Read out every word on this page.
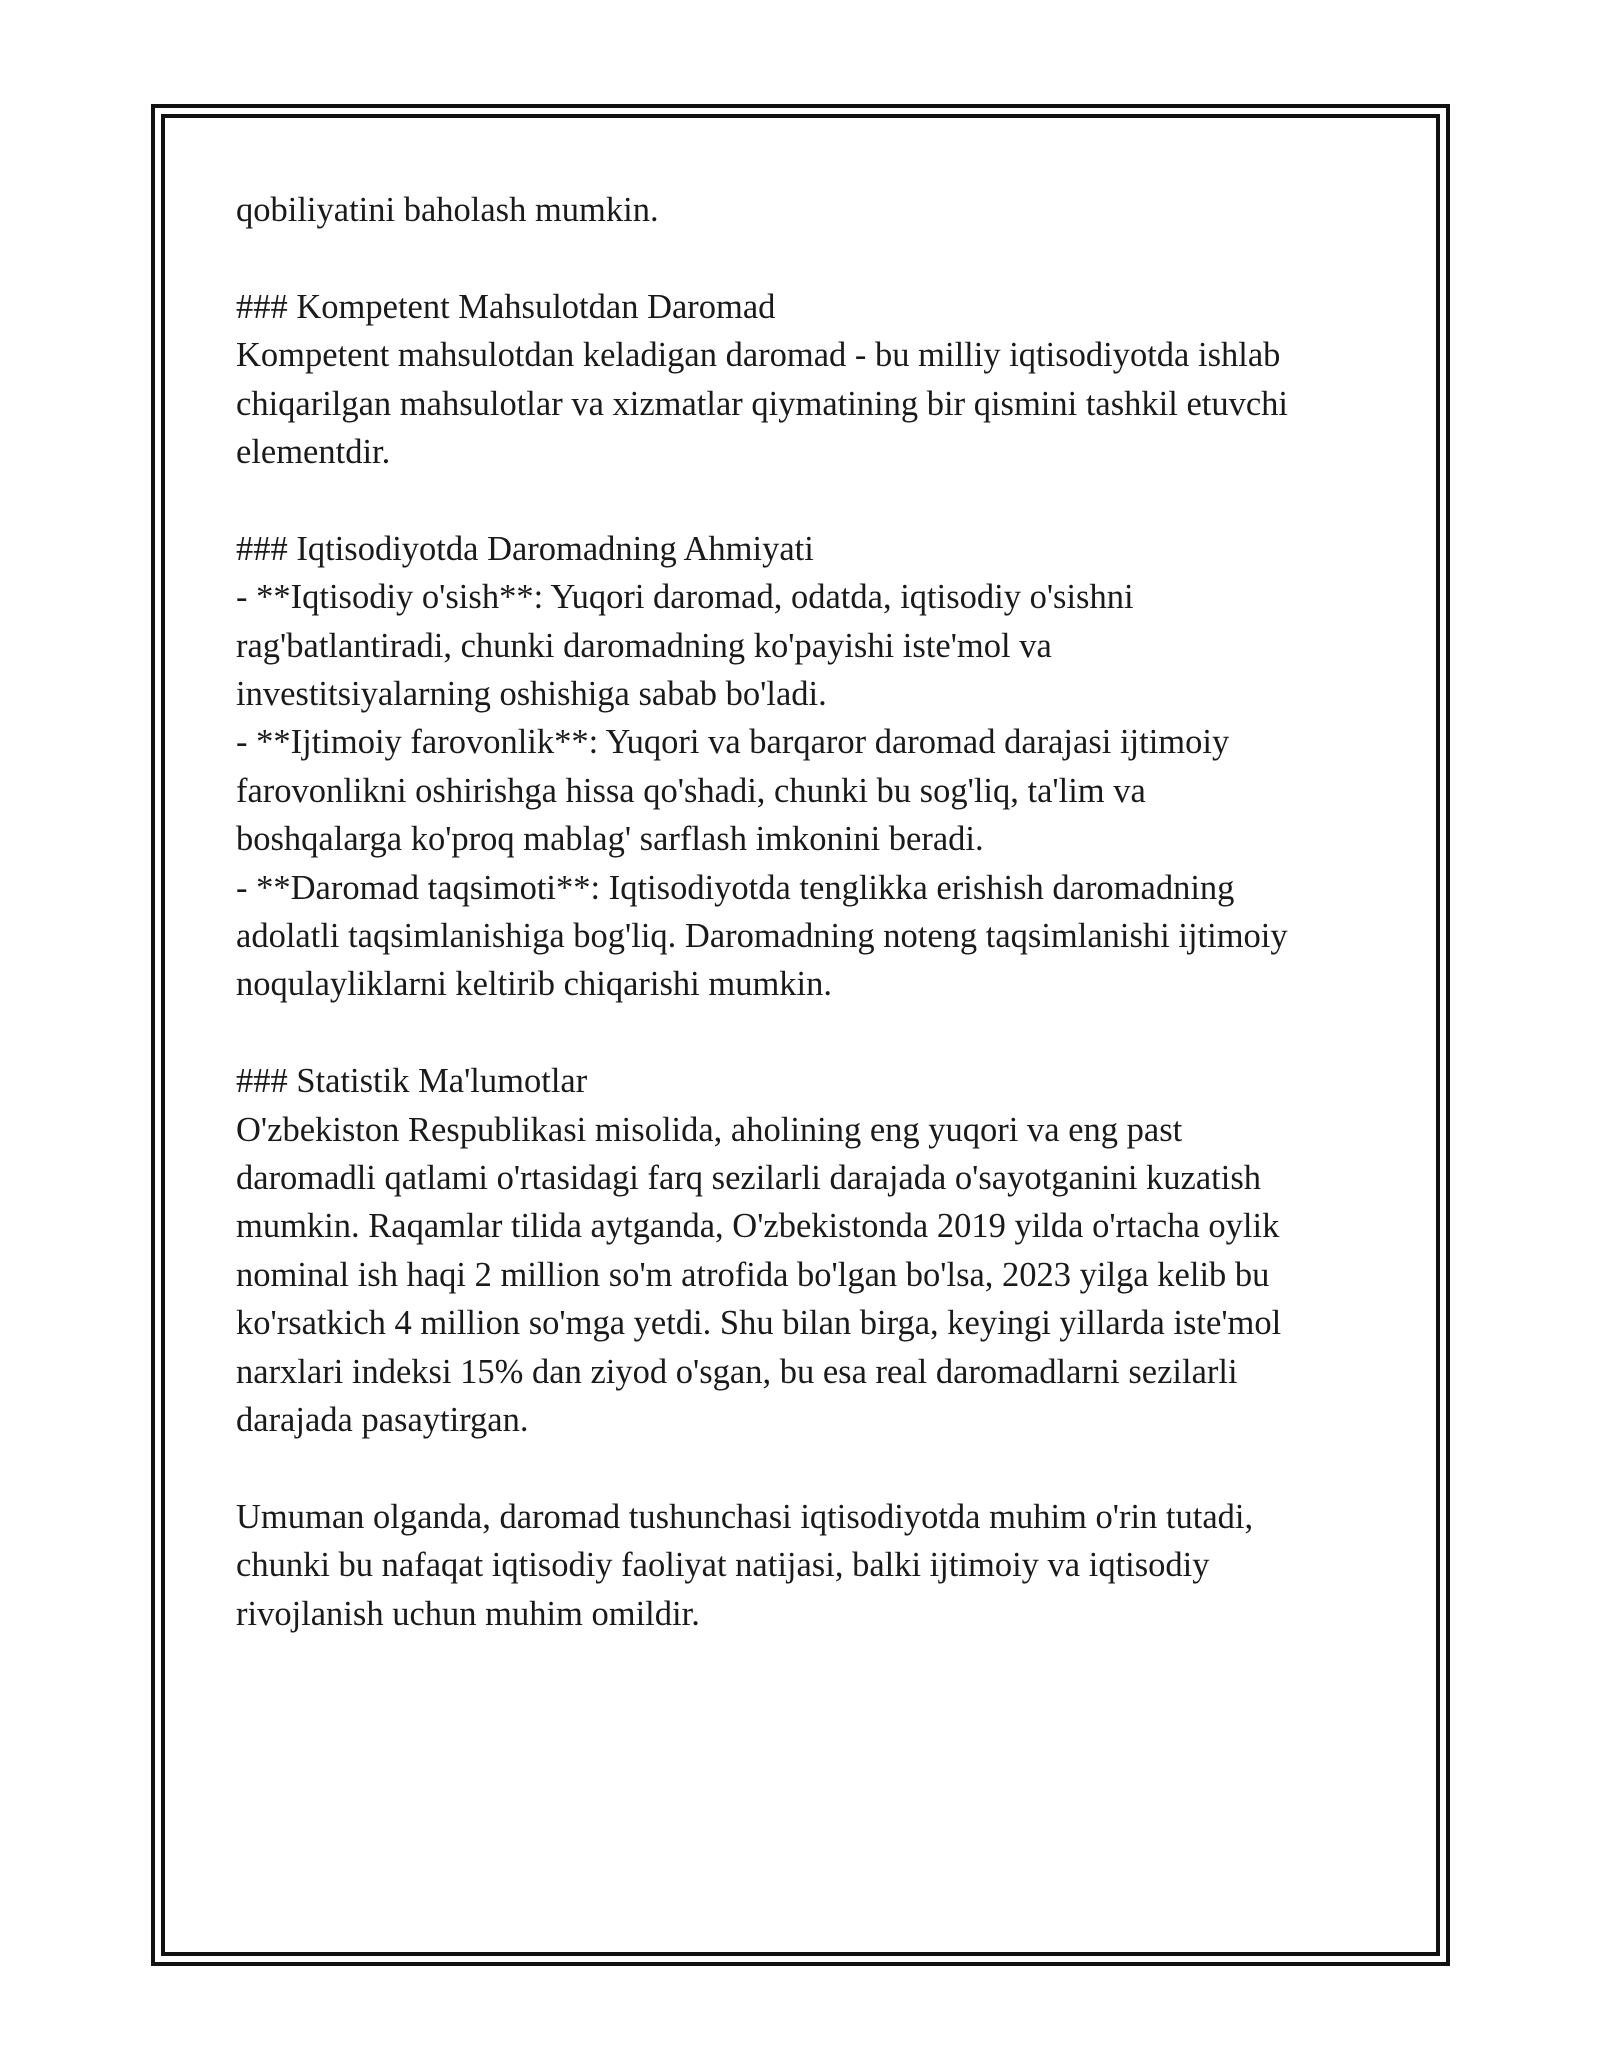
qobiliyatini baholash mumkin.

### Kompetent Mahsulotdan Daromad

Kompetent mahsulotdan keladigan daromad - bu milliy iqtisodiyotda ishlab

chiqarilgan mahsulotlar va xizmatlar qiymatining bir qismini tashkil etuvchi

elementdir.

### Iqtisodiyotda Daromadning Ahmiyati

- **Iqtisodiy o'sish**: Yuqori daromad, odatda, iqtisodiy o'sishni

rag'batlantiradi, chunki daromadning ko'payishi iste'mol va

investitsiyalarning oshishiga sabab bo'ladi.

- **Ijtimoiy farovonlik**: Yuqori va barqaror daromad darajasi ijtimoiy

farovonlikni oshirishga hissa qo'shadi, chunki bu sog'liq, ta'lim va

boshqalarga ko'proq mablag' sarflash imkonini beradi.

- **Daromad taqsimoti**: Iqtisodiyotda tenglikka erishish daromadning

adolatli taqsimlanishiga bog'liq. Daromadning noteng taqsimlanishi ijtimoiy

noqulayliklarni keltirib chiqarishi mumkin.

### Statistik Ma'lumotlar

O'zbekiston Respublikasi misolida, aholining eng yuqori va eng past

daromadli qatlami o'rtasidagi farq sezilarli darajada o'sayotganini kuzatish

mumkin. Raqamlar tilida aytganda, O'zbekistonda 2019 yilda o'rtacha oylik

nominal ish haqi 2 million so'm atrofida bo'lgan bo'lsa, 2023 yilga kelib bu

ko'rsatkich 4 million so'mga yetdi. Shu bilan birga, keyingi yillarda iste'mol

narxlari indeksi 15% dan ziyod o'sgan, bu esa real daromadlarni sezilarli

darajada pasaytirgan.

Umuman olganda, daromad tushunchasi iqtisodiyotda muhim o'rin tutadi,

chunki bu nafaqat iqtisodiy faoliyat natijasi, balki ijtimoiy va iqtisodiy

rivojlanish uchun muhim omildir.
